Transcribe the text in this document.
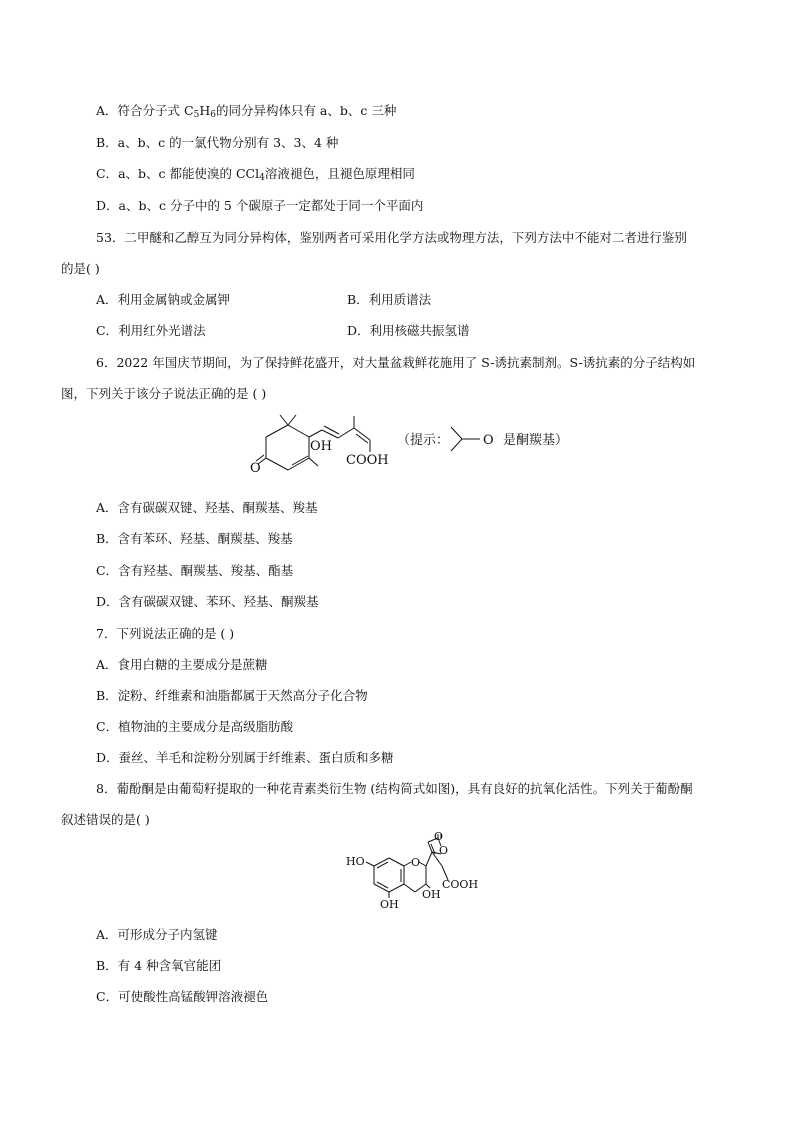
A．符合分子式 $C_5H_6$的同分异构体只有 a、b、c 三种
B．a、b、c 的一氯代物分别有 3、3、4 种
C．a、b、c 都能使溴的 CCl$_4$溶液褪色，且褪色原理相同
D．a、b、c 分子中的 5 个碳原子一定都处于同一个平面内
53．二甲醚和乙醇互为同分异构体，鉴别两者可采用化学方法或物理方法，下列方法中不能对二者进行鉴别
的是( )
A．利用金属钠或金属钾	B．利用质谱法
C．利用红外光谱法	D．利用核磁共振氢谱
6．2022 年国庆节期间，为了保持鲜花盛开，对大量盆栽鲜花施用了 S-诱抗素制剂。S-诱抗素的分子结构如
图，下列关于该分子说法正确的是 ( )
O
OH
COOH
（提示：	O 是酮羰基）
A．含有碳碳双键、羟基、酮羰基、羧基
B．含有苯环、羟基、酮羰基、羧基
C．含有羟基、酮羰基、羧基、酯基
D．含有碳碳双键、苯环、羟基、酮羰基
7．下列说法正确的是 ( )
A．食用白糖的主要成分是蔗糖
B．淀粉、纤维素和油脂都属于天然高分子化合物
C．植物油的主要成分是高级脂肪酸
D．蚕丝、羊毛和淀粉分别属于纤维素、蛋白质和多糖
8．葡酚酮是由葡萄籽提取的一种花青素类衍生物 (结构简式如图)，具有良好的抗氧化活性。下列关于葡酚酮
叙述错误的是( )
O
O
O
HO
OH
OH
COOH
A．可形成分子内氢键
B．有 4 种含氧官能团
C．可使酸性高锰酸钾溶液褪色
